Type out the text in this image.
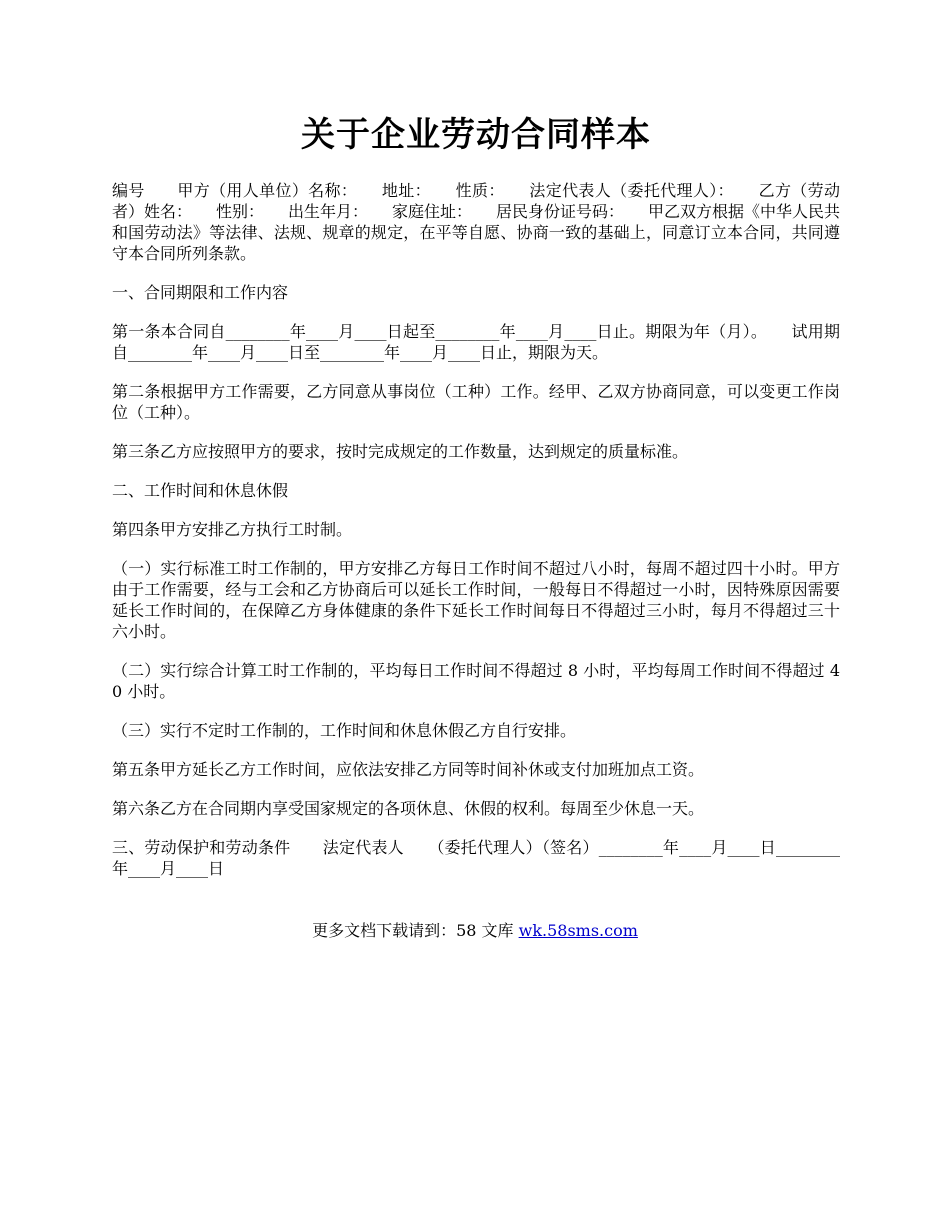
关于企业劳动合同样本

编号　　甲方（用人单位）名称：　　地址：　　性质：　　法定代表人（委托代理人）：　　乙方（劳动者）姓名：　　性别：　　出生年月：　　家庭住址：　　居民身份证号码：　　甲乙双方根据《中华人民共和国劳动法》等法律、法规、规章的规定，在平等自愿、协商一致的基础上，同意订立本合同，共同遵守本合同所列条款。

一、合同期限和工作内容

第一条本合同自________年____月____日起至________年____月____日止。期限为年（月）。　　试用期自________年____月____日至________年____月____日止，期限为天。

第二条根据甲方工作需要，乙方同意从事岗位（工种）工作。经甲、乙双方协商同意，可以变更工作岗位（工种）。

第三条乙方应按照甲方的要求，按时完成规定的工作数量，达到规定的质量标准。

二、工作时间和休息休假

第四条甲方安排乙方执行工时制。

（一）实行标准工时工作制的，甲方安排乙方每日工作时间不超过八小时，每周不超过四十小时。甲方由于工作需要，经与工会和乙方协商后可以延长工作时间，一般每日不得超过一小时，因特殊原因需要延长工作时间的，在保障乙方身体健康的条件下延长工作时间每日不得超过三小时，每月不得超过三十六小时。

（二）实行综合计算工时工作制的，平均每日工作时间不得超过 8 小时，平均每周工作时间不得超过 40 小时。

（三）实行不定时工作制的，工作时间和休息休假乙方自行安排。

第五条甲方延长乙方工作时间，应依法安排乙方同等时间补休或支付加班加点工资。

第六条乙方在合同期内享受国家规定的各项休息、休假的权利。每周至少休息一天。

三、劳动保护和劳动条件　　法定代表人　　（委托代理人）（签名）________年____月____日________年____月____日

更多文档下载请到：58 文库 wk.58sms.com
